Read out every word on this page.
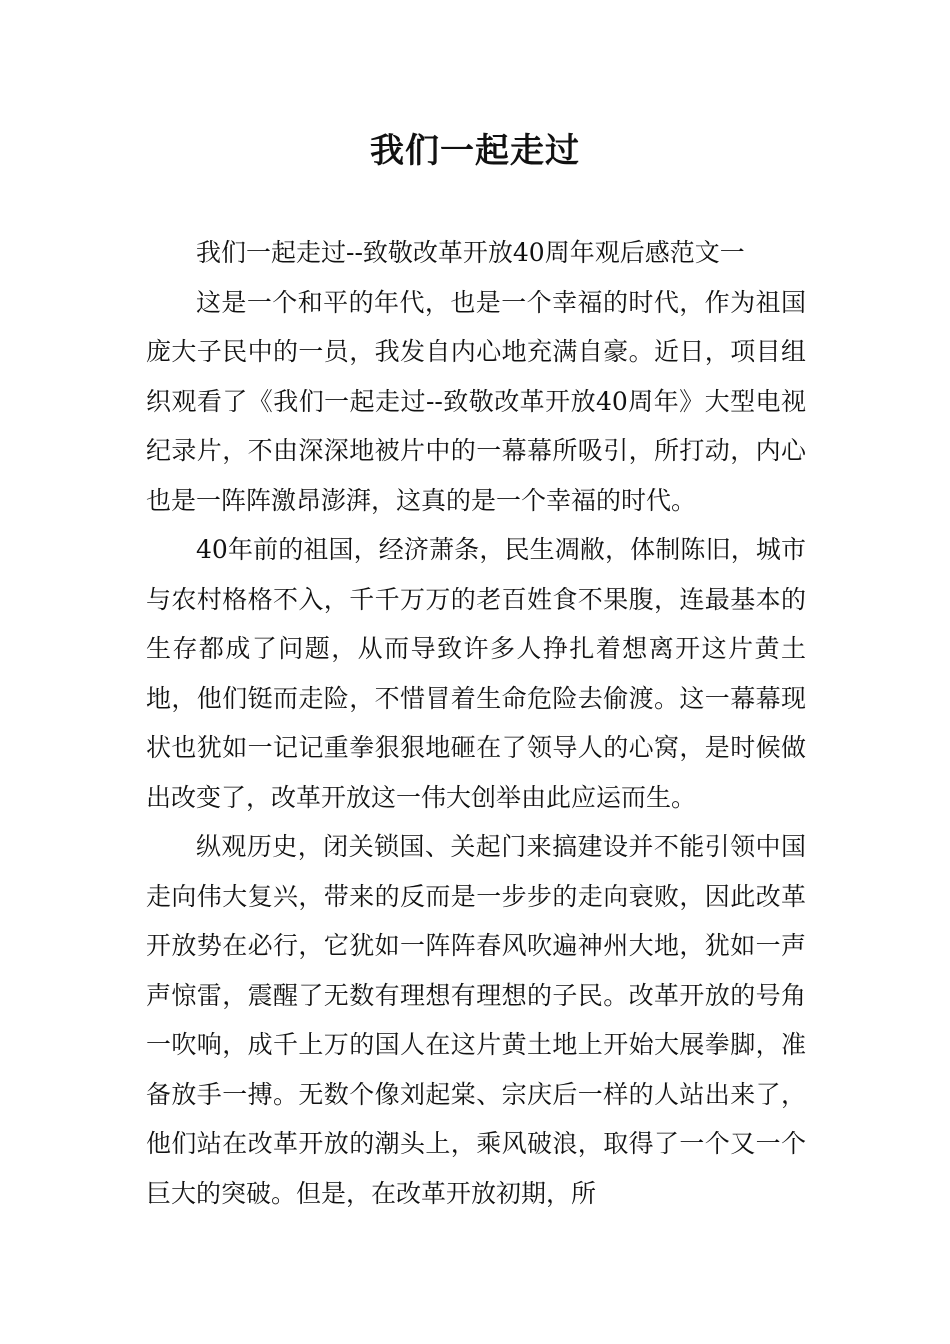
我们一起走过

我们一起走过--致敬改革开放40周年观后感范文一

这是一个和平的年代，也是一个幸福的时代，作为祖国庞大子民中的一员，我发自内心地充满自豪。近日，项目组织观看了《我们一起走过--致敬改革开放40周年》大型电视纪录片，不由深深地被片中的一幕幕所吸引，所打动，内心也是一阵阵激昂澎湃，这真的是一个幸福的时代。

40年前的祖国，经济萧条，民生凋敝，体制陈旧，城市与农村格格不入，千千万万的老百姓食不果腹，连最基本的生存都成了问题，从而导致许多人挣扎着想离开这片黄土地，他们铤而走险，不惜冒着生命危险去偷渡。这一幕幕现状也犹如一记记重拳狠狠地砸在了领导人的心窝，是时候做出改变了，改革开放这一伟大创举由此应运而生。

纵观历史，闭关锁国、关起门来搞建设并不能引领中国走向伟大复兴，带来的反而是一步步的走向衰败，因此改革开放势在必行，它犹如一阵阵春风吹遍神州大地，犹如一声声惊雷，震醒了无数有理想有理想的子民。改革开放的号角一吹响，成千上万的国人在这片黄土地上开始大展拳脚，准备放手一搏。无数个像刘起棠、宗庆后一样的人站出来了，他们站在改革开放的潮头上，乘风破浪，取得了一个又一个巨大的突破。但是，在改革开放初期，所
